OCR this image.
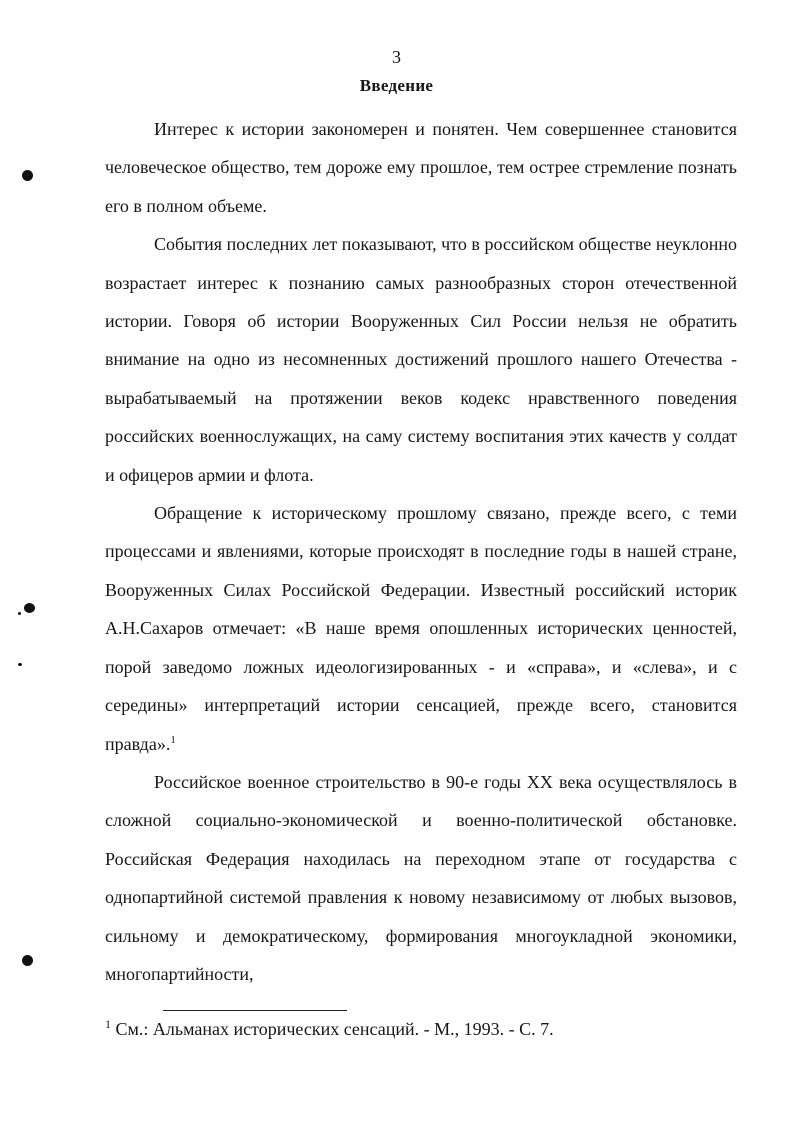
3
Введение

Интерес к истории закономерен и понятен. Чем совершеннее становится человеческое общество, тем дороже ему прошлое, тем острее стремление познать его в полном объеме.

События последних лет показывают, что в российском обществе неуклонно возрастает интерес к познанию самых разнообразных сторон отечественной истории. Говоря об истории Вооруженных Сил России нельзя не обратить внимание на одно из несомненных достижений прошлого нашего Отечества - вырабатываемый на протяжении веков кодекс нравственного поведения российских военнослужащих, на саму систему воспитания этих качеств у солдат и офицеров армии и флота.

Обращение к историческому прошлому связано, прежде всего, с теми процессами и явлениями, которые происходят в последние годы в нашей стране, Вооруженных Силах Российской Федерации. Известный российский историк А.Н.Сахаров отмечает: «В наше время опошленных исторических ценностей, порой заведомо ложных идеологизированных - и «справа», и «слева», и с середины» интерпретаций истории сенсацией, прежде всего, становится правда».$^1$

Российское военное строительство в 90-е годы XX века осуществлялось в сложной социально-экономической и военно-политической обстановке. Российская Федерация находилась на переходном этапе от государства с однопартийной системой правления к новому независимому от любых вызовов, сильному и демократическому, формирования многоукладной экономики, многопартийности,

$^1$ См.: Альманах исторических сенсаций. - М., 1993. - С. 7.
